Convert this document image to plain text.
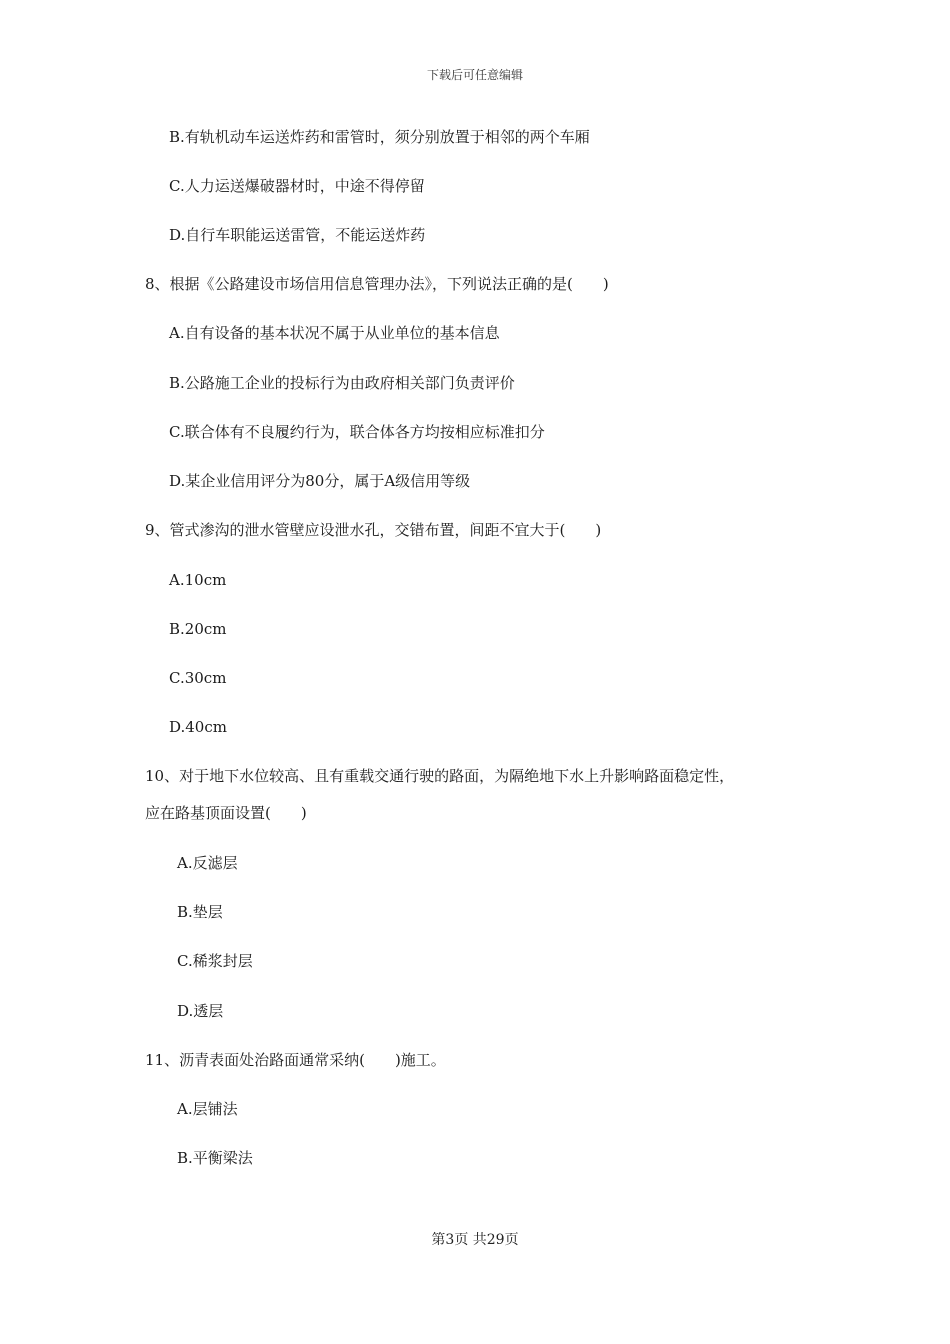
下载后可任意编辑
B.有轨机动车运送炸药和雷管时，须分别放置于相邻的两个车厢
C.人力运送爆破器材时，中途不得停留
D.自行车职能运送雷管，不能运送炸药
8、根据《公路建设市场信用信息管理办法》，下列说法正确的是(　　)
A.自有设备的基本状况不属于从业单位的基本信息
B.公路施工企业的投标行为由政府相关部门负责评价
C.联合体有不良履约行为，联合体各方均按相应标准扣分
D.某企业信用评分为80分，属于A级信用等级
9、管式渗沟的泄水管壁应设泄水孔，交错布置，间距不宜大于(　　)
A.10cm
B.20cm
C.30cm
D.40cm
10、对于地下水位较高、且有重载交通行驶的路面，为隔绝地下水上升影响路面稳定性，
应在路基顶面设置(　　)
A.反滤层
B.垫层
C.稀浆封层
D.透层
11、沥青表面处治路面通常采纳(　　)施工。
A.层铺法
B.平衡梁法
第3页 共29页
